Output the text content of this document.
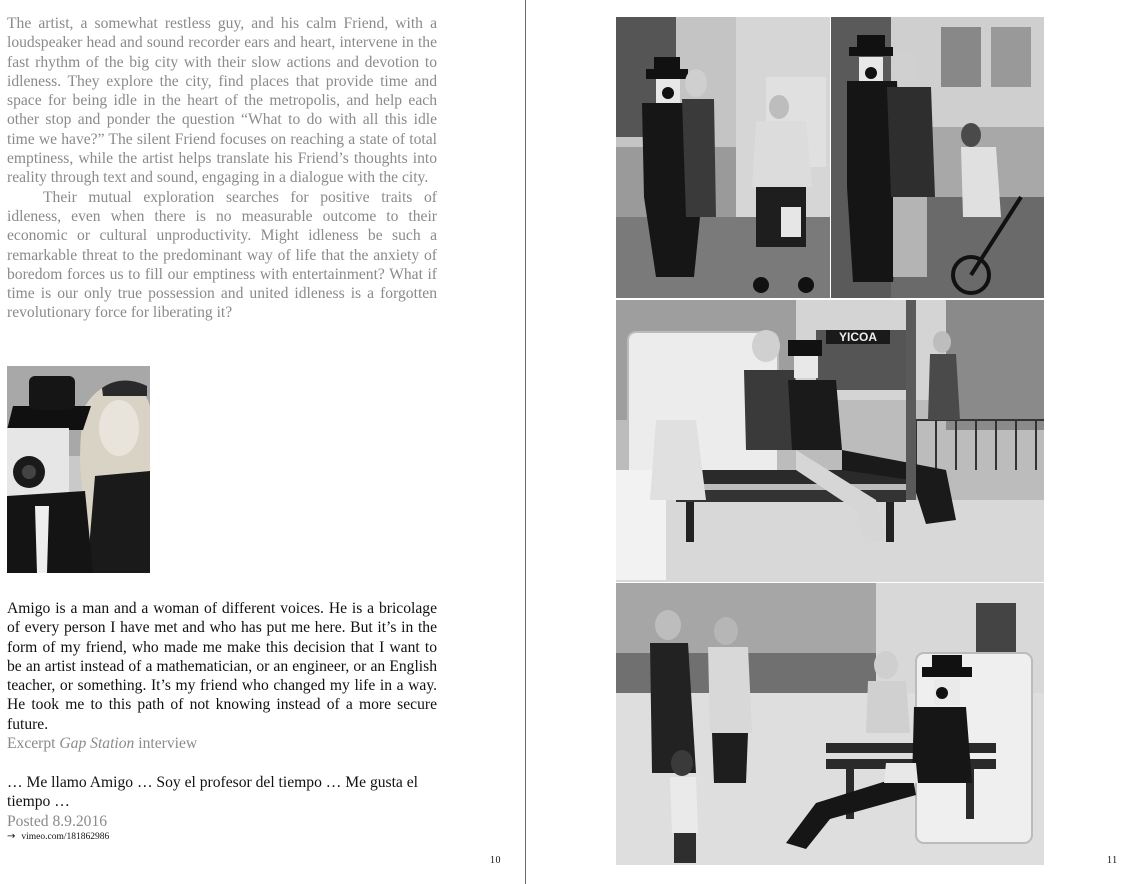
The artist, a somewhat restless guy, and his calm Friend, with a loudspeaker head and sound recorder ears and heart, intervene in the fast rhythm of the big city with their slow actions and devotion to idleness. They explore the city, find places that provide time and space for being idle in the heart of the metropolis, and help each other stop and ponder the question “What to do with all this idle time we have?” The silent Friend focuses on reaching a state of total emptiness, while the artist helps translate his Friend’s thoughts into reality through text and sound, engaging in a dialogue with the city.

Their mutual exploration searches for positive traits of idleness, even when there is no measurable outcome to their economic or cultural unproductivity. Might idleness be such a remarkable threat to the predominant way of life that the anxiety of boredom forces us to fill our emptiness with entertainment? What if time is our only true possession and united idleness is a forgotten revolutionary force for liberating it?

Amigo is a man and a woman of different voices. He is a bricolage of every person I have met and who has put me here. But it’s in the form of my friend, who made me make this decision that I want to be an artist instead of a mathematician, or an engineer, or an English teacher, or something. It’s my friend who changed my life in a way. He took me to this path of not knowing instead of a more secure future.

Excerpt Gap Station interview

… Me llamo Amigo … Soy el profesor del tiempo … Me gusta el tiempo …

Posted 8.9.2016
→ vimeo.com/181862986
10
YICOA
11
